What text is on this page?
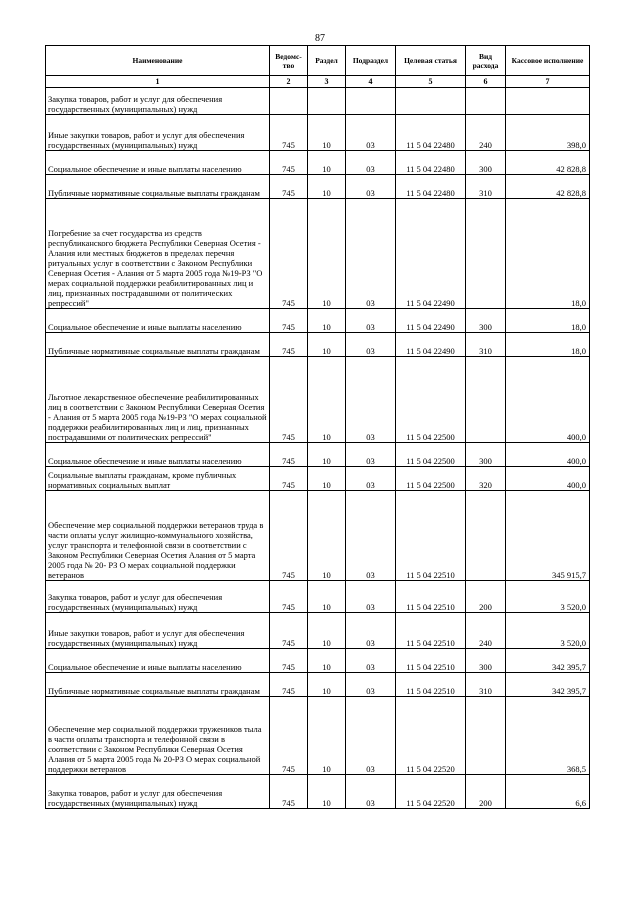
87
Наименование	Ведомс-тво	Раздел	Подраздел	Целевая статья	Вид расхода	Кассовое исполнение
1	2	3	4	5	6	7
Закупка товаров, работ и услуг для обеспечения государственных (муниципальных) нужд						
Иные закупки товаров, работ и услуг для обеспечения государственных (муниципальных) нужд	745	10	03	11 5 04 22480	240	398,0
Социальное обеспечение и иные выплаты населению	745	10	03	11 5 04 22480	300	42 828,8
Публичные нормативные социальные выплаты гражданам	745	10	03	11 5 04 22480	310	42 828,8
Погребение за счет государства из средств республиканского бюджета Республики Северная Осетия - Алания или местных бюджетов в пределах перечня ритуальных услуг в соответствии с Законом Республики Северная Осетия - Алания от 5 марта 2005 года №19-РЗ "О мерах социальной поддержки реабилитированных лиц и лиц, признанных пострадавшими от политических репрессий"	745	10	03	11 5 04 22490		18,0
Социальное обеспечение и иные выплаты населению	745	10	03	11 5 04 22490	300	18,0
Публичные нормативные социальные выплаты гражданам	745	10	03	11 5 04 22490	310	18,0
Льготное лекарственное обеспечение реабилитированных лиц в соответствии с Законом Республики Северная Осетия - Алания от 5 марта 2005 года №19-РЗ "О мерах социальной поддержки реабилитированных лиц и лиц, признанных пострадавшими от политических репрессий"	745	10	03	11 5 04 22500		400,0
Социальное обеспечение и иные выплаты населению	745	10	03	11 5 04 22500	300	400,0
Социальные выплаты гражданам, кроме публичных нормативных социальных выплат	745	10	03	11 5 04 22500	320	400,0
Обеспечение мер социальной поддержки ветеранов труда в части оплаты услуг жилищно-коммунального хозяйства, услуг транспорта и телефонной связи в соответствии с Законом Республики Северная Осетия Алания от 5 марта 2005 года № 20- РЗ О мерах социальной поддержки ветеранов	745	10	03	11 5 04 22510		345 915,7
Закупка товаров, работ и услуг для обеспечения государственных (муниципальных) нужд	745	10	03	11 5 04 22510	200	3 520,0
Иные закупки товаров, работ и услуг для обеспечения государственных (муниципальных) нужд	745	10	03	11 5 04 22510	240	3 520,0
Социальное обеспечение и иные выплаты населению	745	10	03	11 5 04 22510	300	342 395,7
Публичные нормативные социальные выплаты гражданам	745	10	03	11 5 04 22510	310	342 395,7
Обеспечение мер социальной поддержки тружеников тыла в части оплаты транспорта и телефонной связи в соответствии с Законом Республики Северная Осетия Алания от 5 марта 2005 года № 20-РЗ О мерах социальной поддержки ветеранов	745	10	03	11 5 04 22520		368,5
Закупка товаров, работ и услуг для обеспечения государственных (муниципальных) нужд	745	10	03	11 5 04 22520	200	6,6
